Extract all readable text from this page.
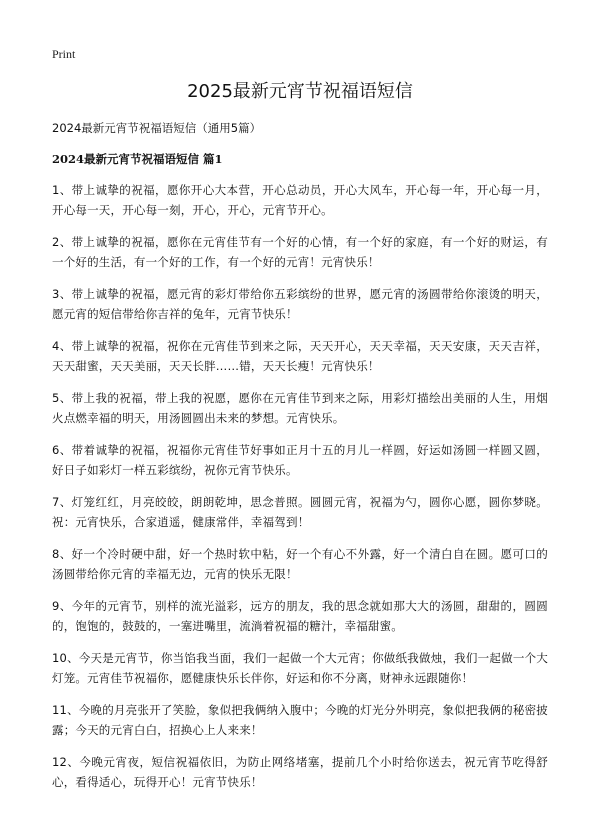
Print
2025最新元宵节祝福语短信

2024最新元宵节祝福语短信（通用5篇）

2024最新元宵节祝福语短信 篇1

1、带上诚挚的祝福，愿你开心大本营，开心总动员，开心大风车，开心每一年，开心每一月，开心每一天，开心每一刻，开心，开心，元宵节开心。

2、带上诚挚的祝福，愿你在元宵佳节有一个好的心情，有一个好的家庭，有一个好的财运，有一个好的生活，有一个好的工作，有一个好的元宵！元宵快乐！

3、带上诚挚的祝福，愿元宵的彩灯带给你五彩缤纷的世界，愿元宵的汤圆带给你滚烫的明天，愿元宵的短信带给你吉祥的兔年，元宵节快乐！

4、带上诚挚的祝福，祝你在元宵佳节到来之际，天天开心，天天幸福，天天安康，天天吉祥，天天甜蜜，天天美丽，天天长胖……错，天天长瘦！元宵快乐！

5、带上我的祝福，带上我的祝愿，愿你在元宵佳节到来之际，用彩灯描绘出美丽的人生，用烟火点燃幸福的明天，用汤圆圆出未来的梦想。元宵快乐。

6、带着诚挚的祝福，祝福你元宵佳节好事如正月十五的月儿一样圆，好运如汤圆一样圆又圆，好日子如彩灯一样五彩缤纷，祝你元宵节快乐。

7、灯笼红红，月亮皎皎，朗朗乾坤，思念普照。圆圆元宵，祝福为勺，圆你心愿，圆你梦晓。祝：元宵快乐，合家逍遥，健康常伴，幸福驾到！

8、好一个冷时硬中甜，好一个热时软中粘，好一个有心不外露，好一个清白自在圆。愿可口的汤圆带给你元宵的幸福无边，元宵的快乐无限！

9、今年的元宵节，别样的流光溢彩，远方的朋友，我的思念就如那大大的汤圆，甜甜的，圆圆的，饱饱的，鼓鼓的，一塞进嘴里，流淌着祝福的糖汁，幸福甜蜜。

10、今天是元宵节，你当馅我当面，我们一起做一个大元宵；你做纸我做烛，我们一起做一个大灯笼。元宵佳节祝福你，愿健康快乐长伴你，好运和你不分离，财神永远跟随你！

11、今晚的月亮张开了笑脸，象似把我俩纳入腹中；今晚的灯光分外明亮，象似把我俩的秘密披露；今天的元宵白白，招换心上人来来！

12、今晚元宵夜，短信祝福依旧，为防止网络堵塞，提前几个小时给你送去，祝元宵节吃得舒心，看得适心，玩得开心！元宵节快乐！
